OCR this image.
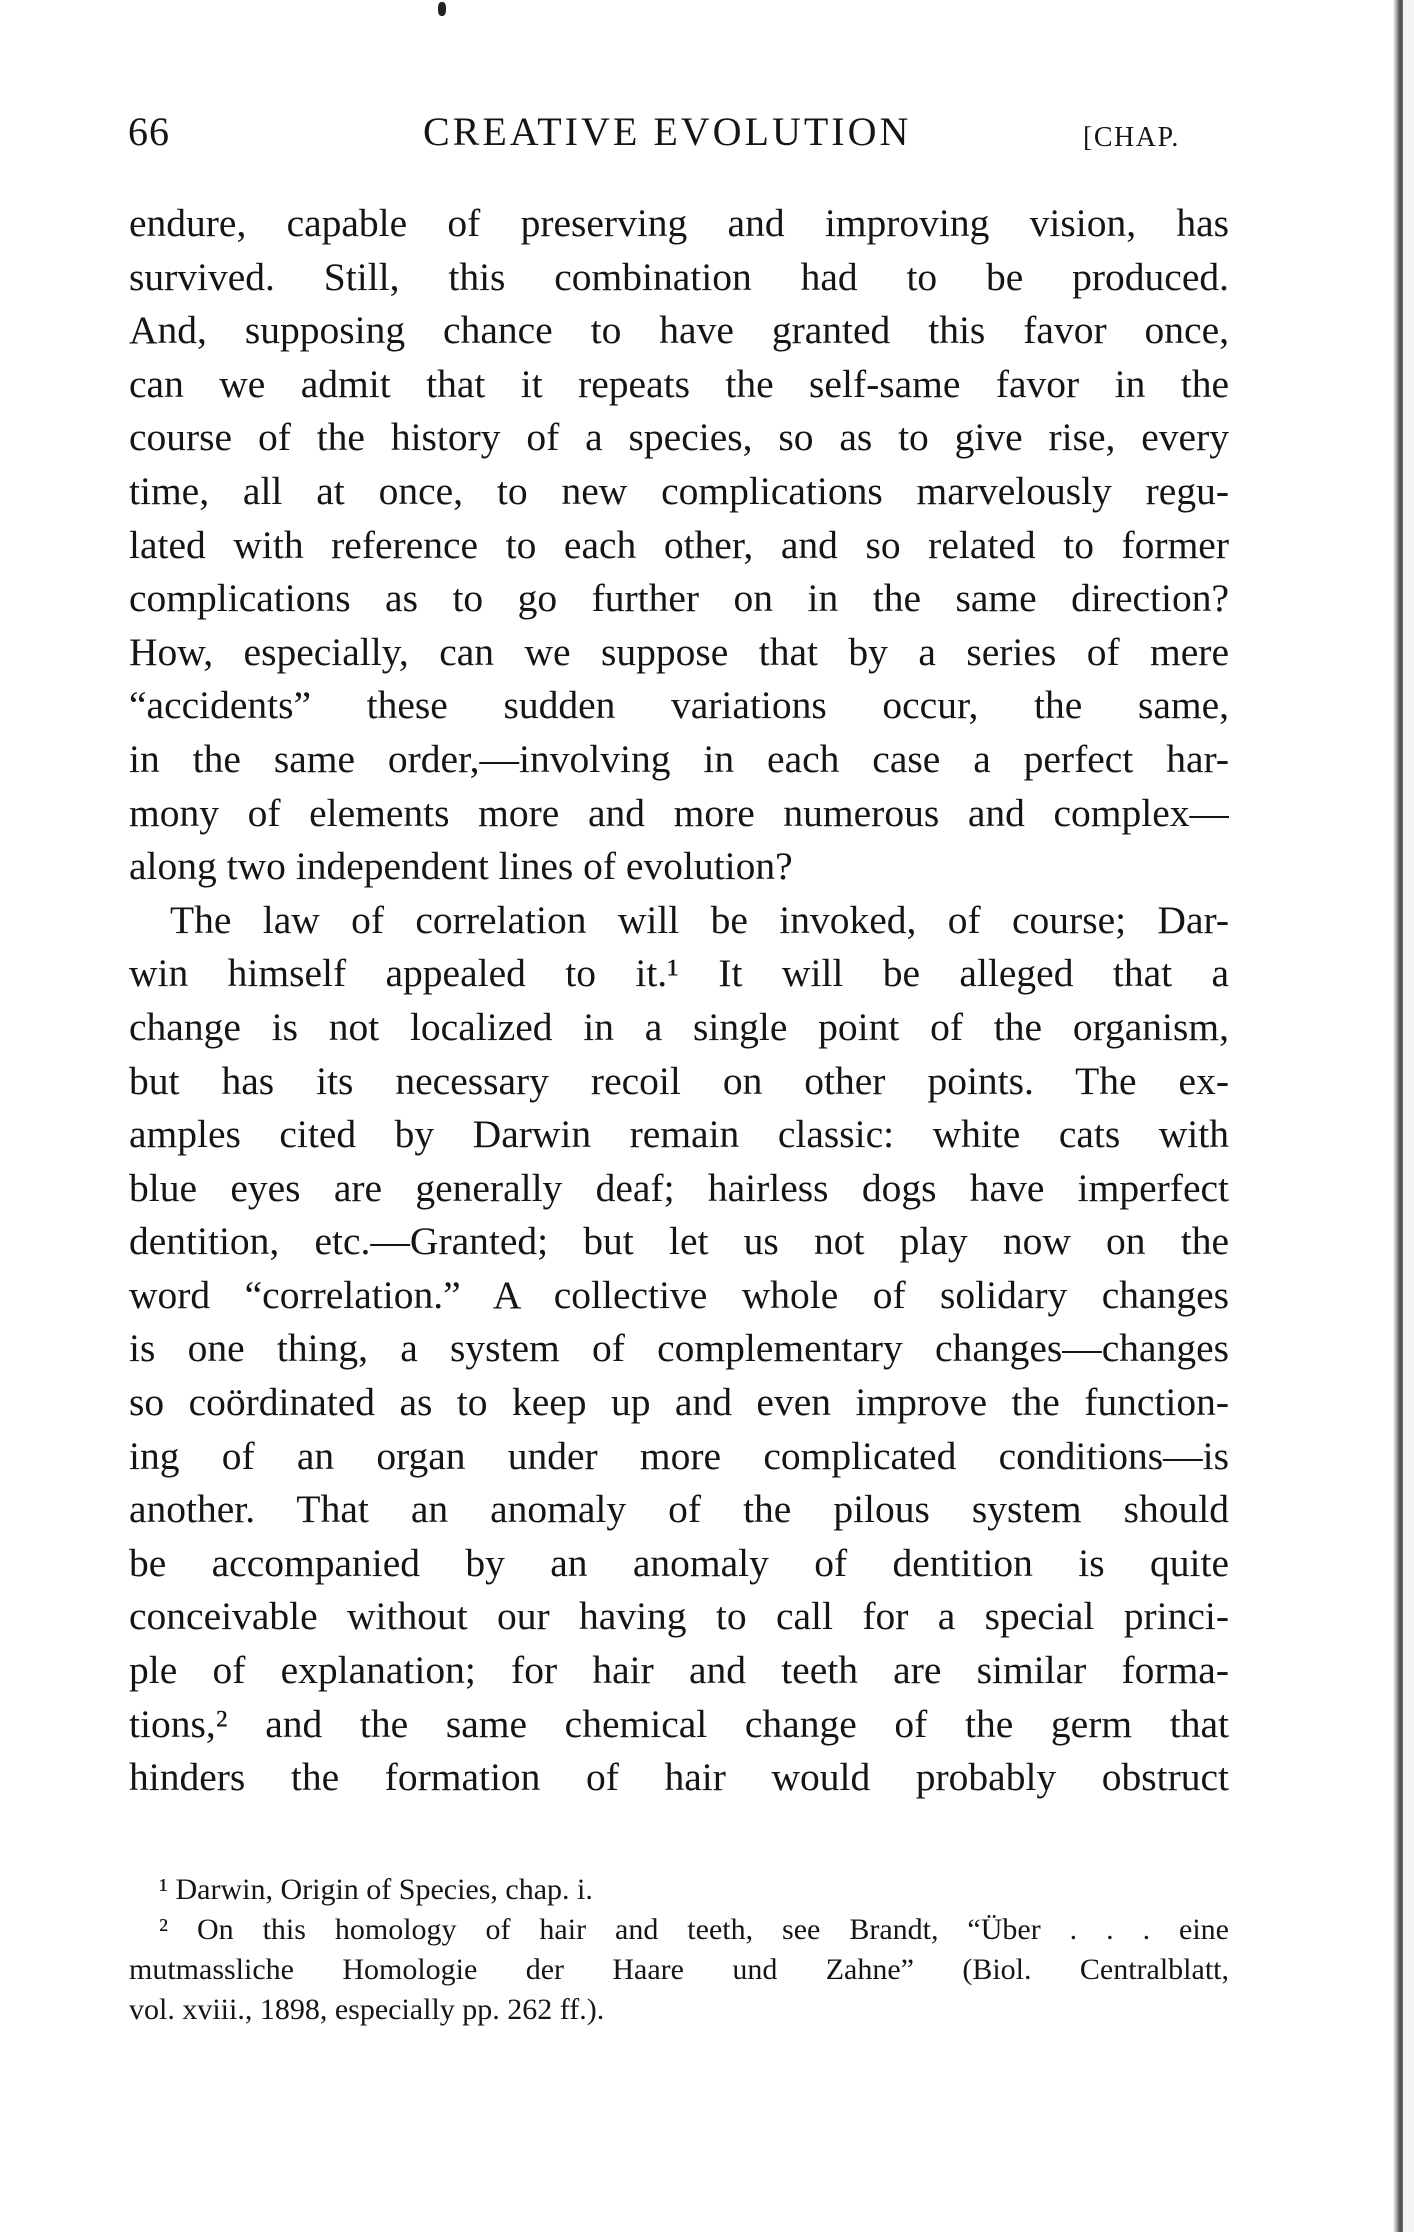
66	CREATIVE EVOLUTION	[CHAP.
endure, capable of preserving and improving vision, has
survived. Still, this combination had to be produced.
And, supposing chance to have granted this favor once,
can we admit that it repeats the self-same favor in the
course of the history of a species, so as to give rise, every
time, all at once, to new complications marvelously regu-
lated with reference to each other, and so related to former
complications as to go further on in the same direction?
How, especially, can we suppose that by a series of mere
“accidents” these sudden variations occur, the same,
in the same order,—involving in each case a perfect har-
mony of elements more and more numerous and complex—
along two independent lines of evolution?
The law of correlation will be invoked, of course; Dar-
win himself appealed to it.¹ It will be alleged that a
change is not localized in a single point of the organism,
but has its necessary recoil on other points. The ex-
amples cited by Darwin remain classic: white cats with
blue eyes are generally deaf; hairless dogs have imperfect
dentition, etc.—Granted; but let us not play now on the
word “correlation.” A collective whole of solidary changes
is one thing, a system of complementary changes—changes
so coördinated as to keep up and even improve the function-
ing of an organ under more complicated conditions—is
another. That an anomaly of the pilous system should
be accompanied by an anomaly of dentition is quite
conceivable without our having to call for a special princi-
ple of explanation; for hair and teeth are similar forma-
tions,² and the same chemical change of the germ that
hinders the formation of hair would probably obstruct
¹ Darwin, Origin of Species, chap. i.
² On this homology of hair and teeth, see Brandt, “Über . . . eine
mutmassliche Homologie der Haare und Zahne” (Biol. Centralblatt,
vol. xviii., 1898, especially pp. 262 ff.).
